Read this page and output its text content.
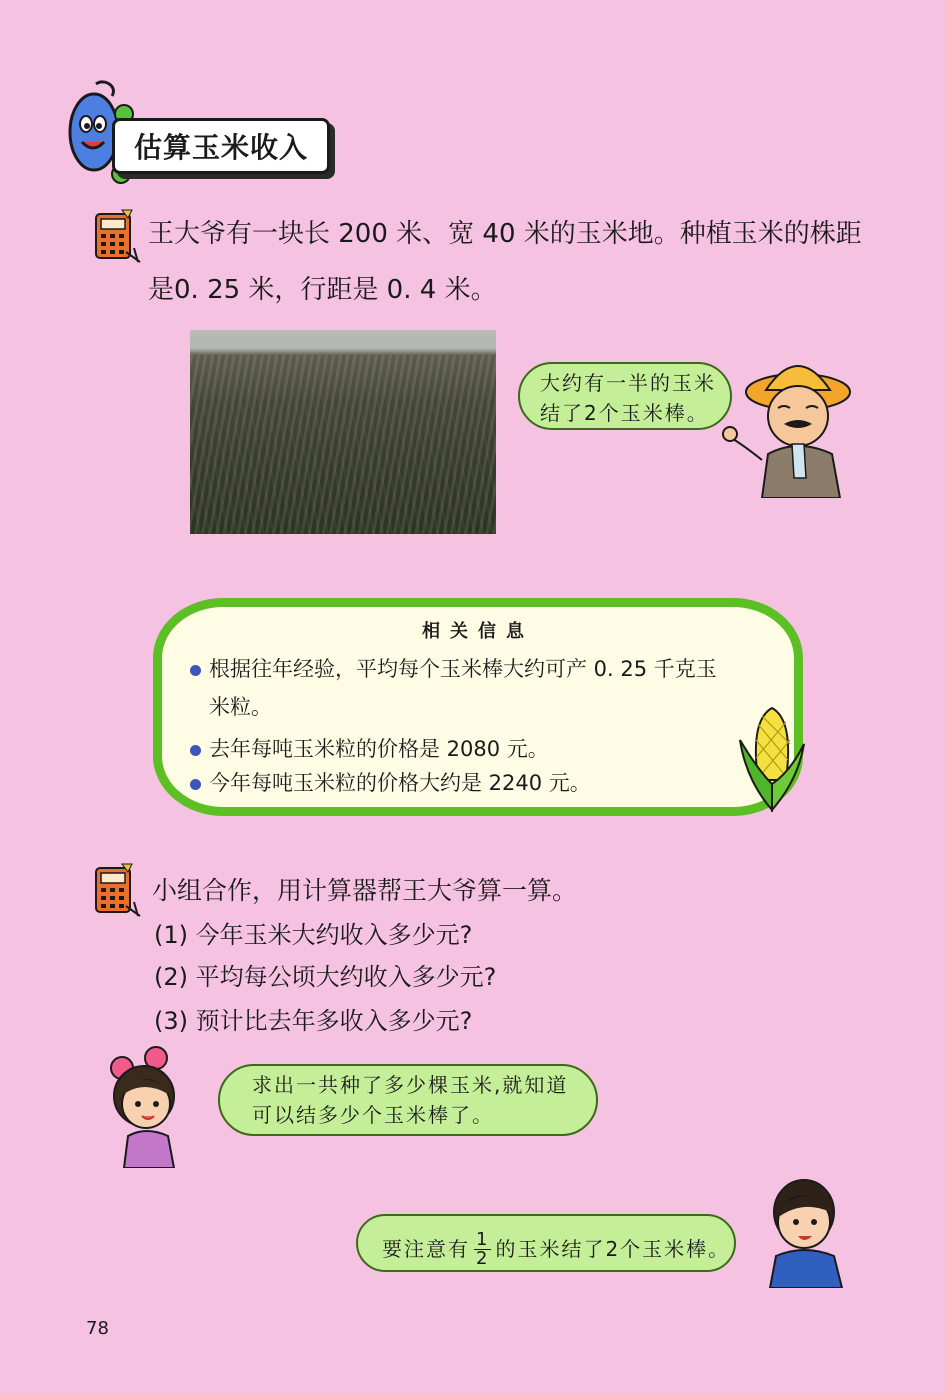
估算玉米收入
王大爷有一块长 200 米、宽 40 米的玉米地。种植玉米的株距
是0. 25 米，行距是 0. 4 米。
大约有一半的玉米
结了2个玉米棒。
相关信息
根据往年经验，平均每个玉米棒大约可产 0. 25 千克玉
米粒。
去年每吨玉米粒的价格是 2080 元。
今年每吨玉米粒的价格大约是 2240 元。
小组合作，用计算器帮王大爷算一算。
(1) 今年玉米大约收入多少元?
(2) 平均每公顷大约收入多少元?
(3) 预计比去年多收入多少元?
求出一共种了多少棵玉米,就知道
可以结多少个玉米棒了。
要注意有 $\frac{1}{2}$ 的玉米结了2个玉米棒。
78
